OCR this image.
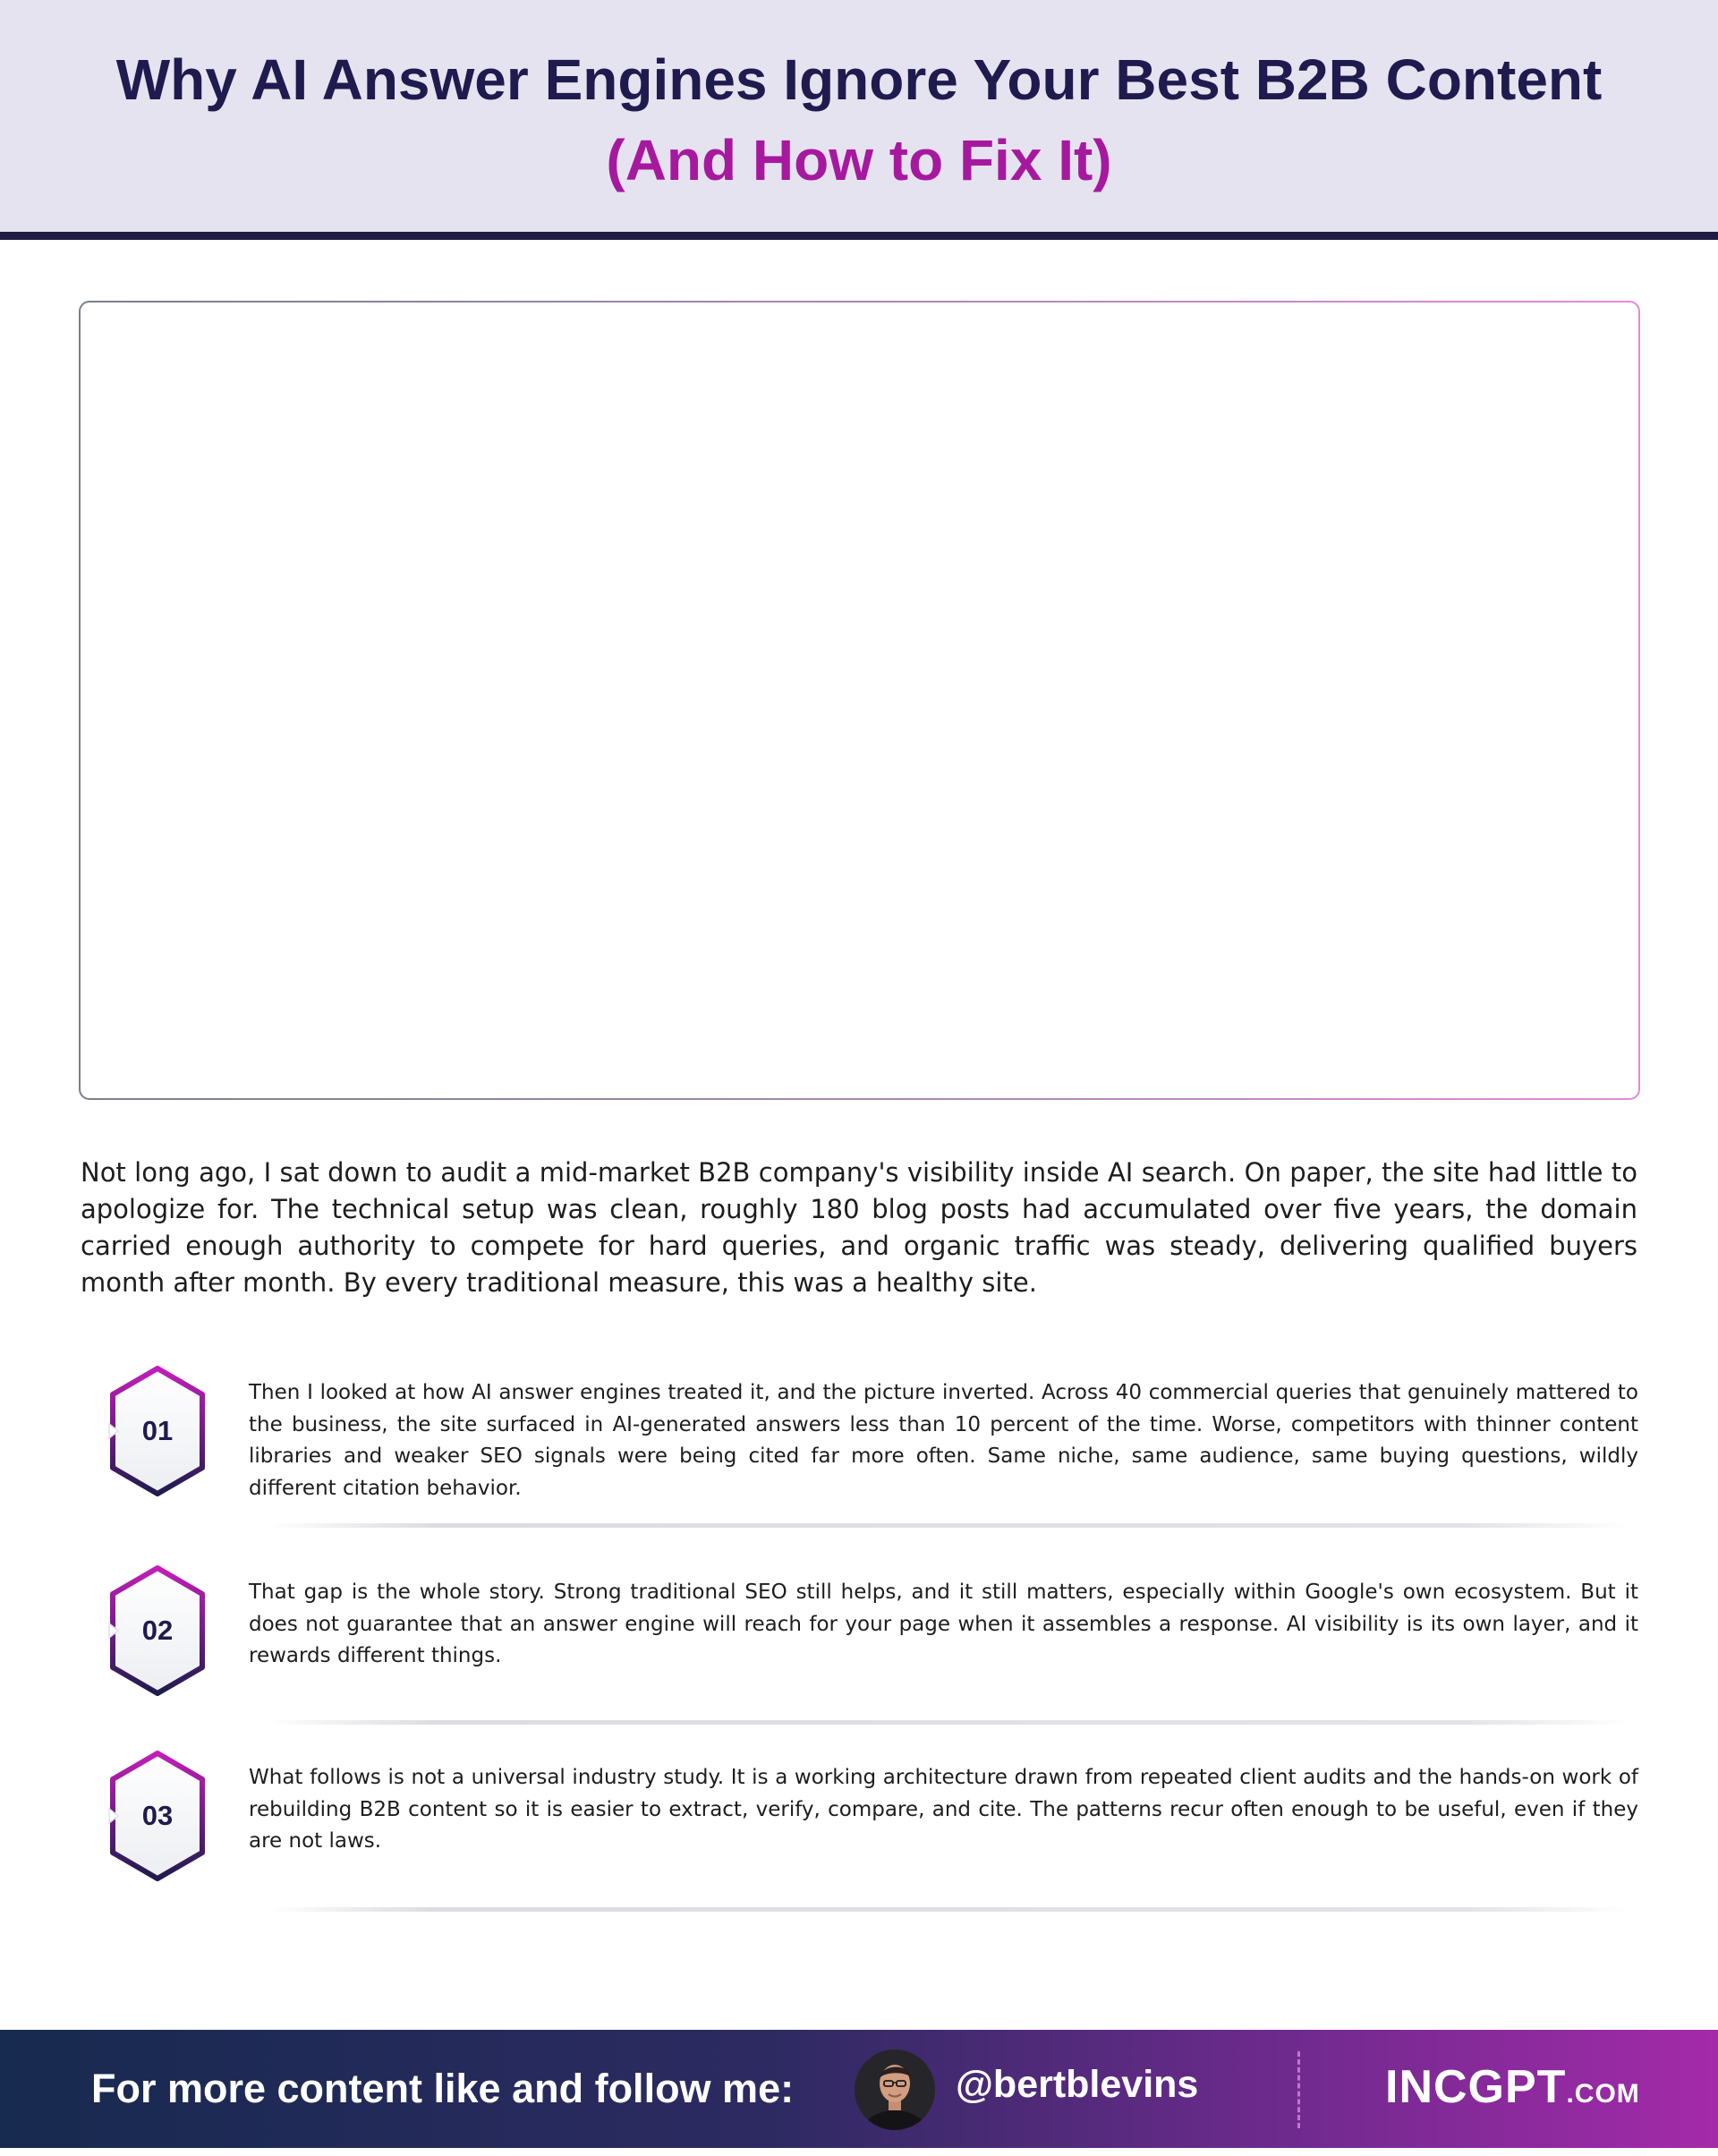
Why AI Answer Engines Ignore Your Best B2B Content
(And How to Fix It)

Not long ago, I sat down to audit a mid-market B2B company's visibility inside AI search. On paper, the site had little to apologize for. The technical setup was clean, roughly 180 blog posts had accumulated over five years, the domain carried enough authority to compete for hard queries, and organic traffic was steady, delivering qualified buyers month after month. By every traditional measure, this was a healthy site.

01

Then I looked at how AI answer engines treated it, and the picture inverted. Across 40 commercial queries that genuinely mattered to the business, the site surfaced in AI-generated answers less than 10 percent of the time. Worse, competitors with thinner content libraries and weaker SEO signals were being cited far more often. Same niche, same audience, same buying questions, wildly different citation behavior.

02

That gap is the whole story. Strong traditional SEO still helps, and it still matters, especially within Google's own ecosystem. But it does not guarantee that an answer engine will reach for your page when it assembles a response. AI visibility is its own layer, and it rewards different things.

03

What follows is not a universal industry study. It is a working architecture drawn from repeated client audits and the hands-on work of rebuilding B2B content so it is easier to extract, verify, compare, and cite. The patterns recur often enough to be useful, even if they are not laws.

For more content like and follow me:	@bertblevins	INCGPT.COM
